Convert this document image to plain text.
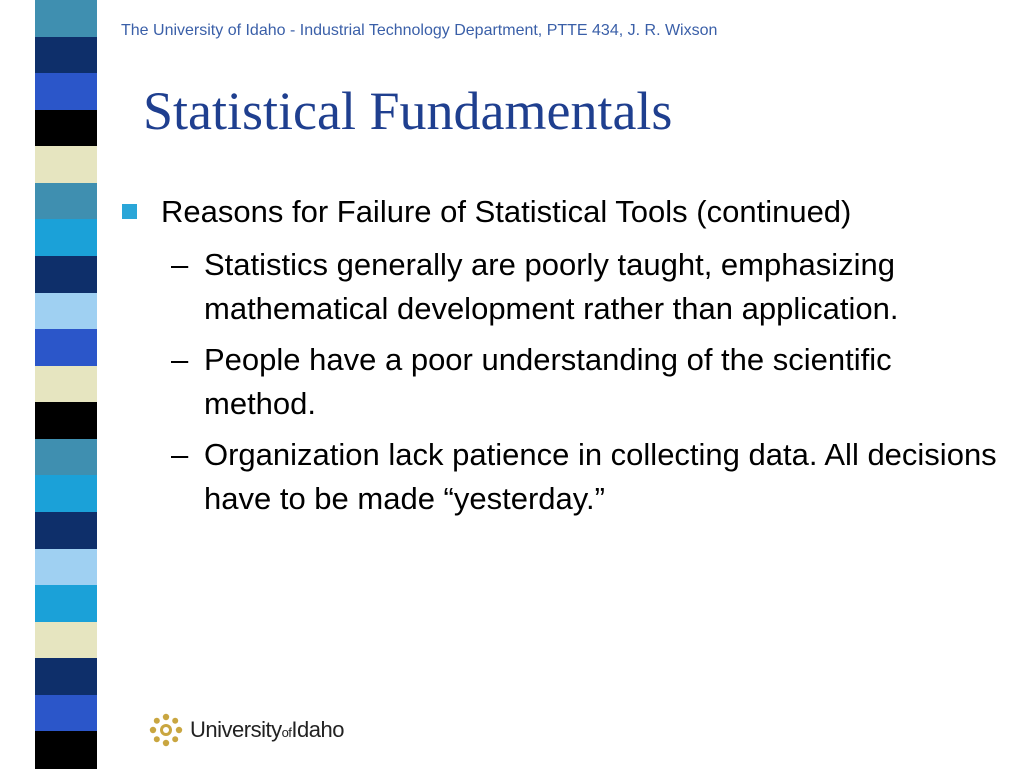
The University of Idaho - Industrial Technology Department, PTTE 434, J. R. Wixson
Statistical Fundamentals
Reasons for Failure of Statistical Tools (continued)
– Statistics generally are poorly taught, emphasizing mathematical development rather than application.
– People have a poor understanding of the scientific method.
– Organization lack patience in collecting data. All decisions have to be made “yesterday.”
UniversityofIdaho
